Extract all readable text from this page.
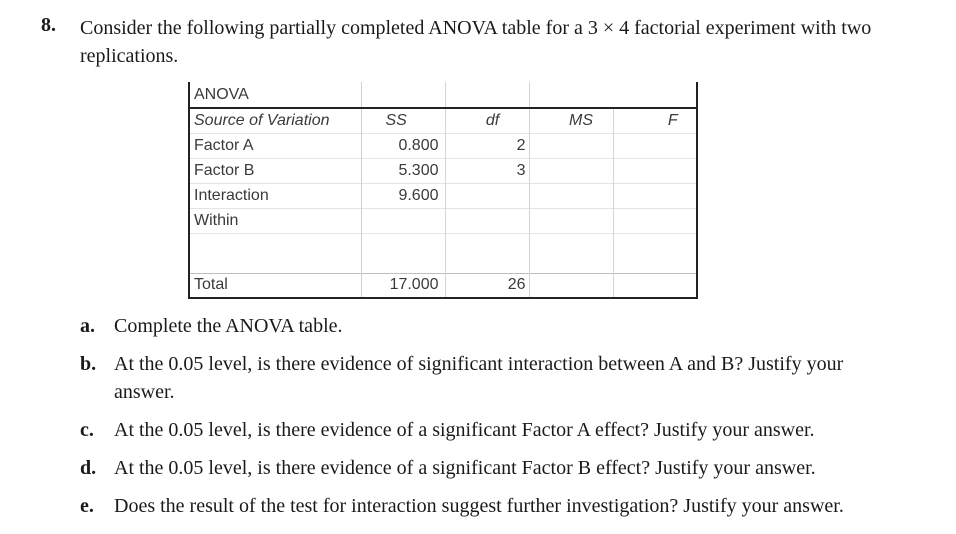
8. Consider the following partially completed ANOVA table for a 3 × 4 factorial experiment with two replications.
ANOVA				
Source of Variation	SS	df	MS	F
Factor A	0.800	2		
Factor B	5.300	3		
Interaction	9.600			
Within				

Total	17.000	26		
a. Complete the ANOVA table.
b. At the 0.05 level, is there evidence of significant interaction between A and B? Justify your answer.
c. At the 0.05 level, is there evidence of a significant Factor A effect? Justify your answer.
d. At the 0.05 level, is there evidence of a significant Factor B effect? Justify your answer.
e. Does the result of the test for interaction suggest further investigation? Justify your answer.
